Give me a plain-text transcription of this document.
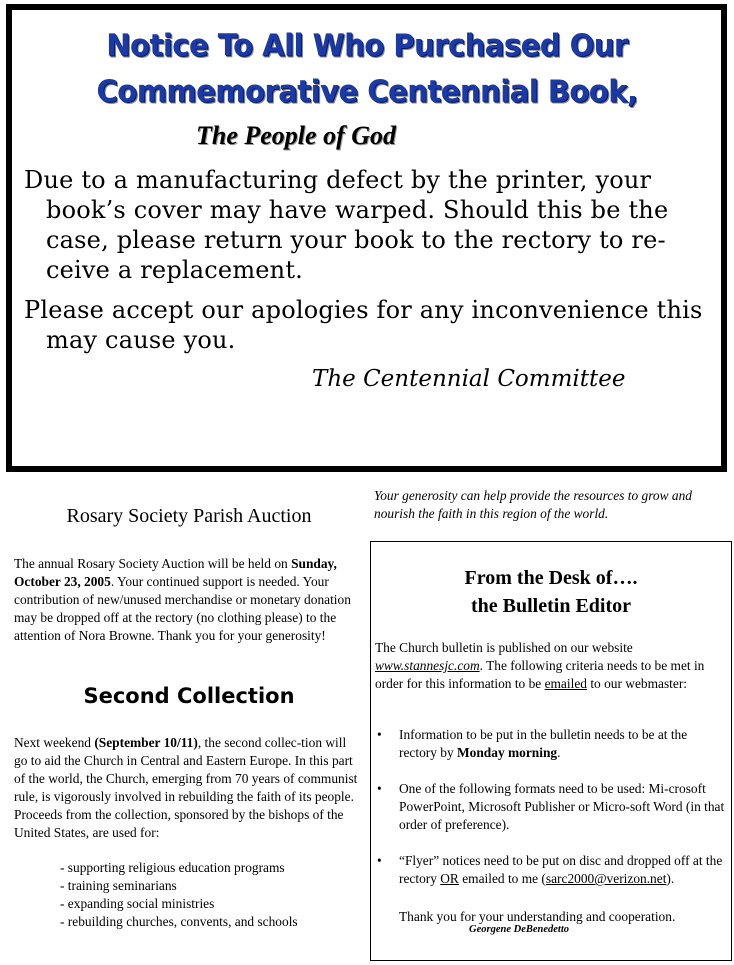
Notice To All Who Purchased Our
Commemorative Centennial Book,
The People of God
Due to a manufacturing defect by the printer, your book’s cover may have warped. Should this be the case, please return your book to the rectory to re-ceive a replacement.
Please accept our apologies for any inconvenience this may cause you.
The Centennial Committee
Rosary Society Parish Auction
The annual Rosary Society Auction will be held on Sunday, October 23, 2005. Your continued support is needed. Your contribution of new/unused merchandise or monetary donation may be dropped off at the rectory (no clothing please) to the attention of Nora Browne. Thank you for your generosity!
Second Collection
Next weekend (September 10/11), the second collec-tion will go to aid the Church in Central and Eastern Europe. In this part of the world, the Church, emerging from 70 years of communist rule, is vigorously involved in rebuilding the faith of its people. Proceeds from the collection, sponsored by the bishops of the United States, are used for:
- supporting religious education programs
- training seminarians
- expanding social ministries
- rebuilding churches, convents, and schools
Your generosity can help provide the resources to grow and nourish the faith in this region of the world.
From the Desk of….
the Bulletin Editor
The Church bulletin is published on our website www.stannesjc.com. The following criteria needs to be met in order for this information to be emailed to our webmaster:
• Information to be put in the bulletin needs to be at the rectory by Monday morning.
• One of the following formats need to be used: Mi-crosoft PowerPoint, Microsoft Publisher or Micro-soft Word (in that order of preference).
• “Flyer” notices need to be put on disc and dropped off at the rectory OR emailed to me (sarc2000@verizon.net).
Thank you for your understanding and cooperation.
Georgene DeBenedetto
